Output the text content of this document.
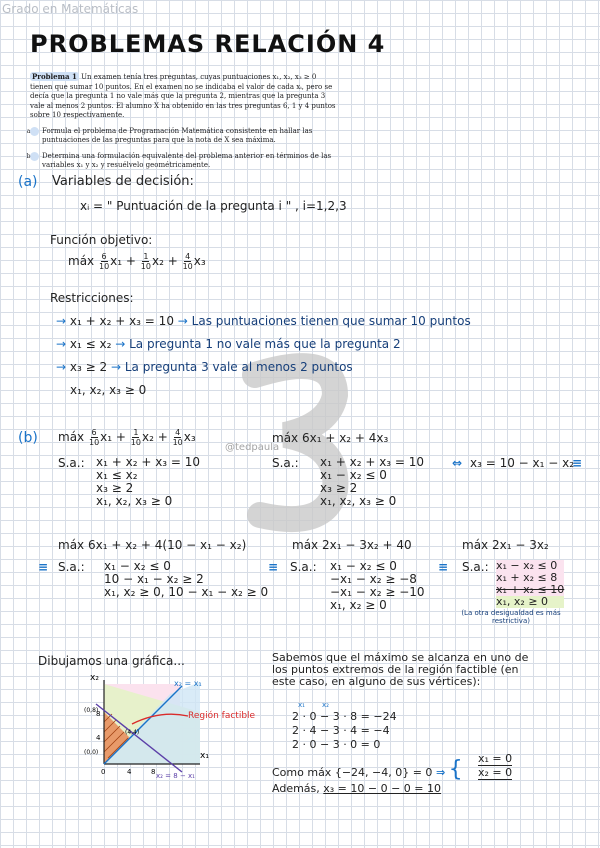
Grado en Matemáticas
PROBLEMAS RELACIÓN 4
@tedpaula
Problema 1 Un examen tenía tres preguntas, cuyas puntuaciones x₁, x₂, x₃ ≥ 0 tienen que sumar 10 puntos. En el examen no se indicaba el valor de cada xᵢ, pero se decía que la pregunta 1 no vale más que la pregunta 2, mientras que la pregunta 3 vale al menos 2 puntos. El alumno X ha obtenido en las tres preguntas 6, 1 y 4 puntos sobre 10 respectivamente.
a Formula el problema de Programación Matemática consistente en hallar las puntuaciones de las preguntas para que la nota de X sea máxima.
b Determina una formulación equivalente del problema anterior en términos de las variables x₁ y x₂ y resuélvelo geométricamente.
(a) Variables de decisión:
xᵢ = " Puntuación de la pregunta i " , i=1,2,3
Función objetivo:
máx $\frac{6}{10} x_1 + \frac{1}{10} x_2 + \frac{4}{10} x_3$
Restricciones:
→ x₁ + x₂ + x₃ = 10 → Las puntuaciones tienen que sumar 10 puntos
→ x₁ ≤ x₂ → La pregunta 1 no vale más que la pregunta 2
→ x₃ ≥ 2 → La pregunta 3 vale al menos 2 puntos
x₁, x₂, x₃ ≥ 0
(b) máx $\frac{6}{10} x_1 + \frac{1}{10} x_2 + \frac{4}{10} x_3$
S.a.: x₁ + x₂ + x₃ = 10
x₁ ≤ x₂
x₃ ≥ 2
x₁, x₂, x₃ ≥ 0
máx 6x₁ + x₂ + 4x₃
S.a.: x₁ + x₂ + x₃ = 10
x₁ − x₂ ≤ 0
x₃ ≥ 2
x₁, x₂, x₃ ≥ 0
⇔ x₃ = 10 − x₁ − x₂
≡
máx 6x₁ + x₂ + 4(10 − x₁ − x₂)
≡ S.a.: x₁ − x₂ ≤ 0
10 − x₁ − x₂ ≥ 2
x₁, x₂ ≥ 0, 10 − x₁ − x₂ ≥ 0
máx 2x₁ − 3x₂ + 40
≡ S.a.: x₁ − x₂ ≤ 0
−x₁ − x₂ ≥ −8
−x₁ − x₂ ≥ −10
x₁, x₂ ≥ 0
máx 2x₁ − 3x₂
≡ S.a.: x₁ − x₂ ≤ 0
x₁ + x₂ ≤ 8
x₁ + x₂ ≤ 10
x₁, x₂ ≥ 0
(La otra desigualdad es más restrictiva)
Dibujamos una gráfica...
x₂
x₁
x₂ = x₁
x₂ = 8 − x₁
(0,8)
(4,4)
(0,0)
0	4	8
8
4
Región factible
Sabemos que el máximo se alcanza en uno de los puntos extremos de la región factible (en este caso, en alguno de sus vértices):
x₁ x₂
2 · 0 − 3 · 8 = −24
2 · 4 − 3 · 4 = −4
2 · 0 − 3 · 0 = 0
Como máx {−24, −4, 0} = 0 ⇒ { x₁ = 0
x₂ = 0
Además, x₃ = 10 − 0 − 0 = 10
